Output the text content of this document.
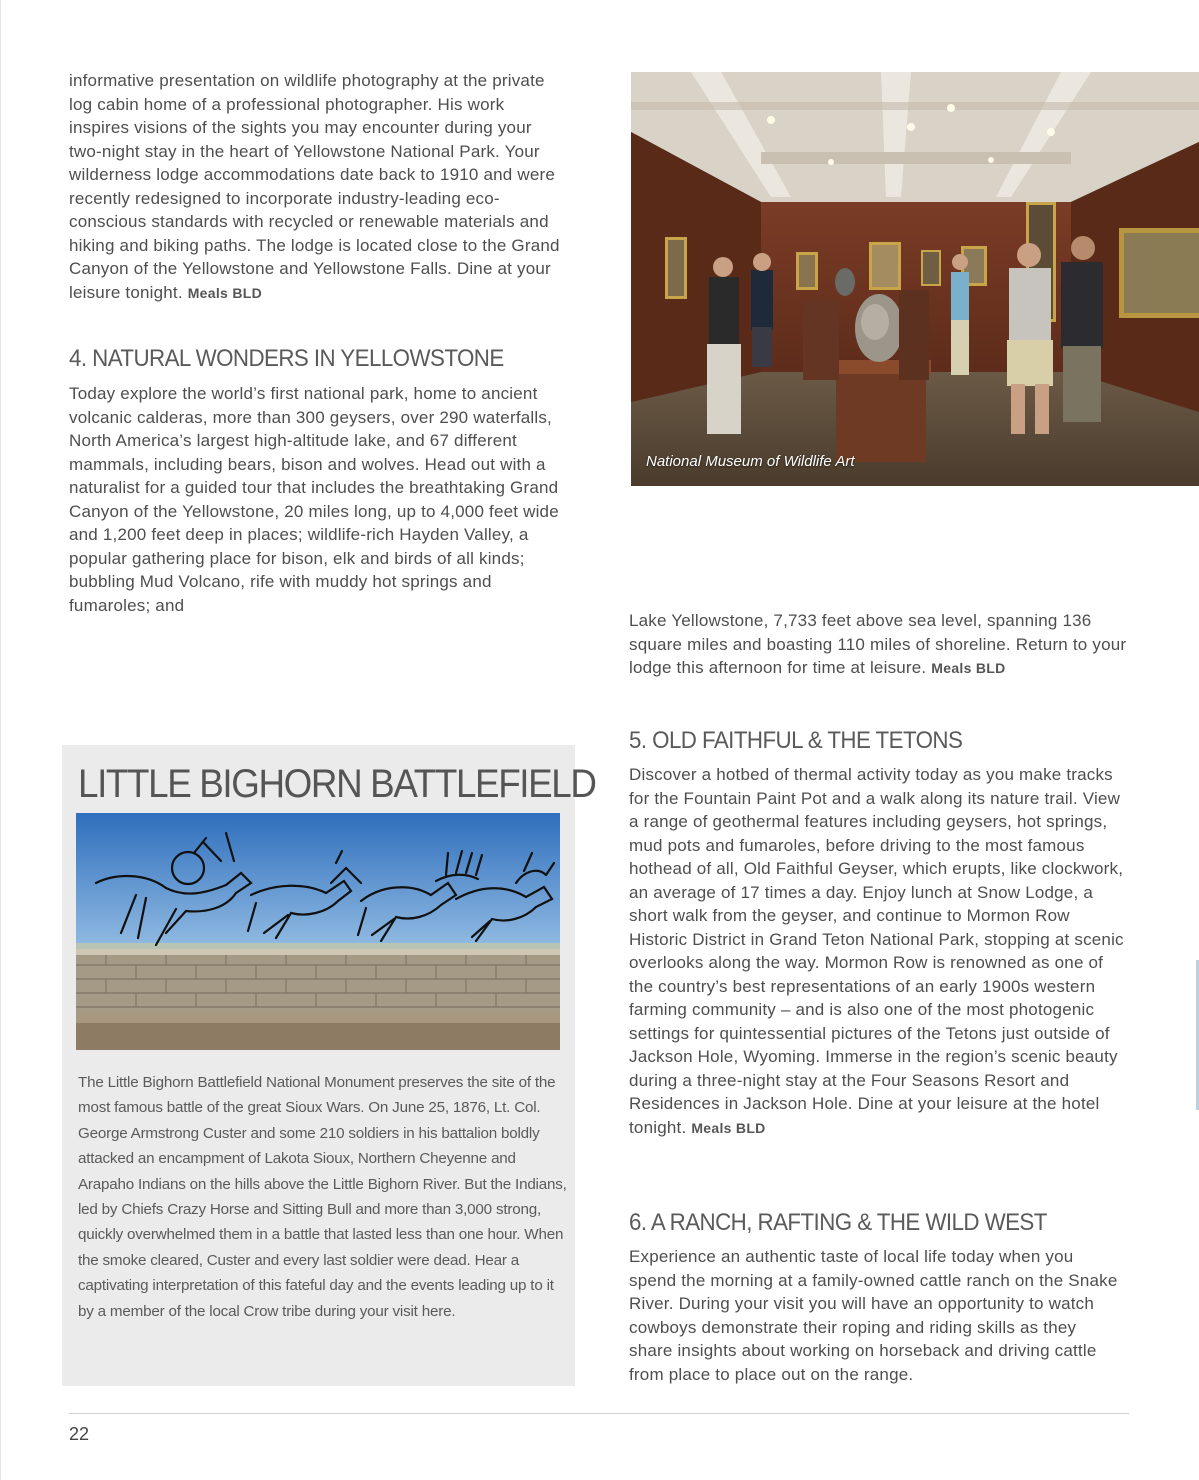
informative presentation on wildlife photography at the private log cabin home of a professional photographer. His work inspires visions of the sights you may encounter during your two-night stay in the heart of Yellowstone National Park. Your wilderness lodge accommodations date back to 1910 and were recently redesigned to incorporate industry-leading eco-conscious standards with recycled or renewable materials and hiking and biking paths. The lodge is located close to the Grand Canyon of the Yellowstone and Yellowstone Falls. Dine at your leisure tonight. Meals BLD

4. NATURAL WONDERS IN YELLOWSTONE

Today explore the world’s first national park, home to ancient volcanic calderas, more than 300 geysers, over 290 waterfalls, North America’s largest high-altitude lake, and 67 different mammals, including bears, bison and wolves. Head out with a naturalist for a guided tour that includes the breathtaking Grand Canyon of the Yellowstone, 20 miles long, up to 4,000 feet wide and 1,200 feet deep in places; wildlife-rich Hayden Valley, a popular gathering place for bison, elk and birds of all kinds; bubbling Mud Volcano, rife with muddy hot springs and fumaroles; and

Lake Yellowstone, 7,733 feet above sea level, spanning 136 square miles and boasting 110 miles of shoreline. Return to your lodge this afternoon for time at leisure. Meals BLD

National Museum of Wildlife Art

5. OLD FAITHFUL & THE TETONS

Discover a hotbed of thermal activity today as you make tracks for the Fountain Paint Pot and a walk along its nature trail. View a range of geothermal features including geysers, hot springs, mud pots and fumaroles, before driving to the most famous hothead of all, Old Faithful Geyser, which erupts, like clockwork, an average of 17 times a day. Enjoy lunch at Snow Lodge, a short walk from the geyser, and continue to Mormon Row Historic District in Grand Teton National Park, stopping at scenic overlooks along the way. Mormon Row is renowned as one of the country’s best representations of an early 1900s western farming community – and is also one of the most photogenic settings for quintessential pictures of the Tetons just outside of Jackson Hole, Wyoming. Immerse in the region’s scenic beauty during a three-night stay at the Four Seasons Resort and Residences in Jackson Hole. Dine at your leisure at the hotel tonight. Meals BLD

6. A RANCH, RAFTING & THE WILD WEST

Experience an authentic taste of local life today when you spend the morning at a family-owned cattle ranch on the Snake River. During your visit you will have an opportunity to watch cowboys demonstrate their roping and riding skills as they share insights about working on horseback and driving cattle from place to place out on the range.

LITTLE BIGHORN BATTLEFIELD

The Little Bighorn Battlefield National Monument preserves the site of the most famous battle of the great Sioux Wars. On June 25, 1876, Lt. Col. George Armstrong Custer and some 210 soldiers in his battalion boldly attacked an encampment of Lakota Sioux, Northern Cheyenne and Arapaho Indians on the hills above the Little Bighorn River. But the Indians, led by Chiefs Crazy Horse and Sitting Bull and more than 3,000 strong, quickly overwhelmed them in a battle that lasted less than one hour. When the smoke cleared, Custer and every last soldier were dead. Hear a captivating interpretation of this fateful day and the events leading up to it by a member of the local Crow tribe during your visit here.

22
